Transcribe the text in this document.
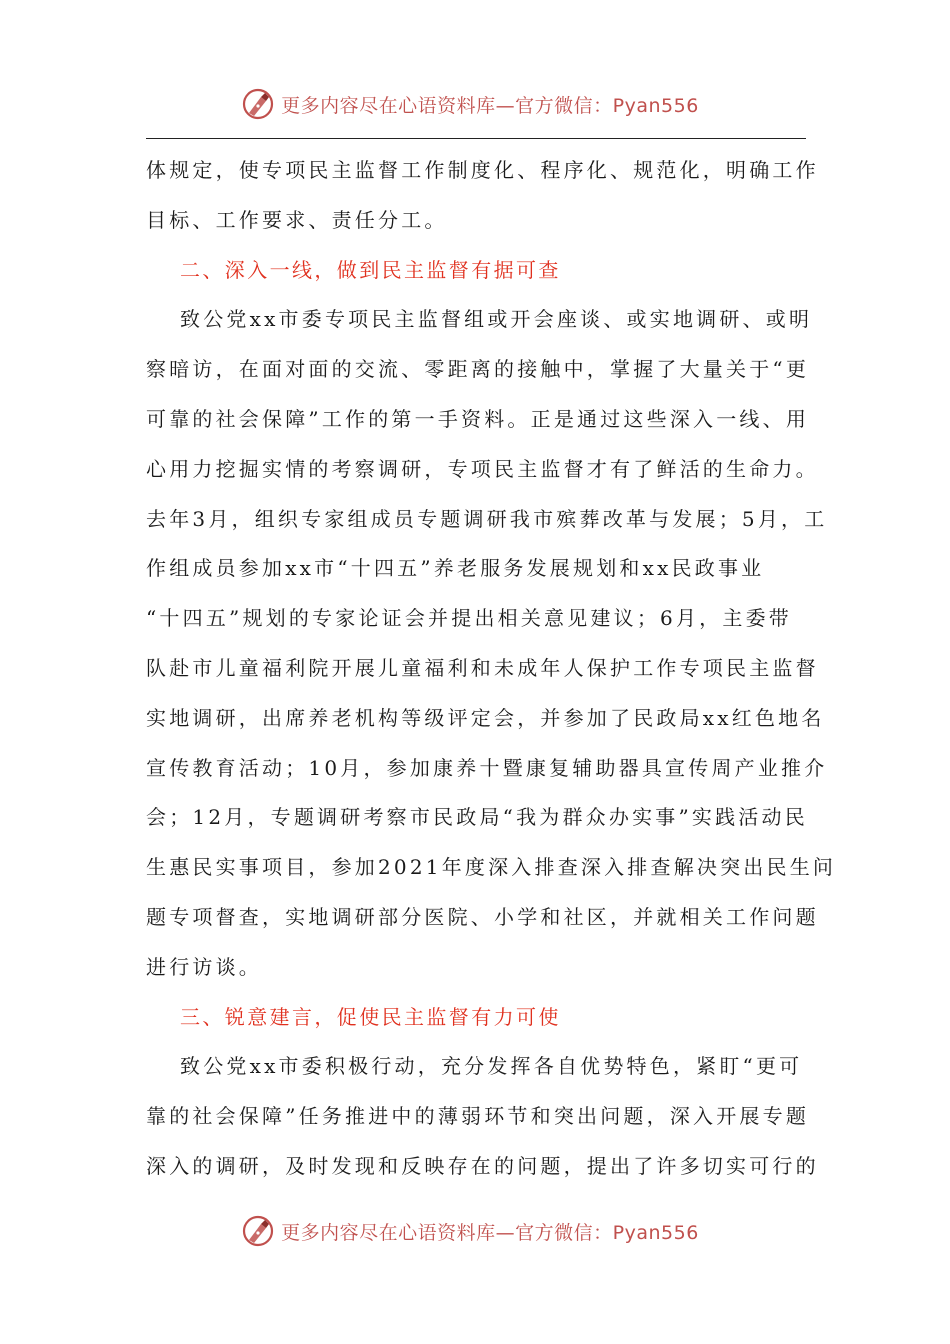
更多内容尽在心语资料库—官方微信：Pyan556
体规定，使专项民主监督工作制度化、程序化、规范化，明确工作
目标、工作要求、责任分工。
二、深入一线，做到民主监督有据可查
致公党xx市委专项民主监督组或开会座谈、或实地调研、或明
察暗访，在面对面的交流、零距离的接触中，掌握了大量关于“更
可靠的社会保障”工作的第一手资料。正是通过这些深入一线、用
心用力挖掘实情的考察调研，专项民主监督才有了鲜活的生命力。
去年3月，组织专家组成员专题调研我市殡葬改革与发展；5月，工
作组成员参加xx市“十四五”养老服务发展规划和xx民政事业
“十四五”规划的专家论证会并提出相关意见建议；6月，主委带
队赴市儿童福利院开展儿童福利和未成年人保护工作专项民主监督
实地调研，出席养老机构等级评定会，并参加了民政局xx红色地名
宣传教育活动；10月，参加康养十暨康复辅助器具宣传周产业推介
会；12月，专题调研考察市民政局“我为群众办实事”实践活动民
生惠民实事项目，参加2021年度深入排查深入排查解决突出民生问
题专项督查，实地调研部分医院、小学和社区，并就相关工作问题
进行访谈。
三、锐意建言，促使民主监督有力可使
致公党xx市委积极行动，充分发挥各自优势特色，紧盯“更可
靠的社会保障”任务推进中的薄弱环节和突出问题，深入开展专题
深入的调研，及时发现和反映存在的问题，提出了许多切实可行的
更多内容尽在心语资料库—官方微信：Pyan556
